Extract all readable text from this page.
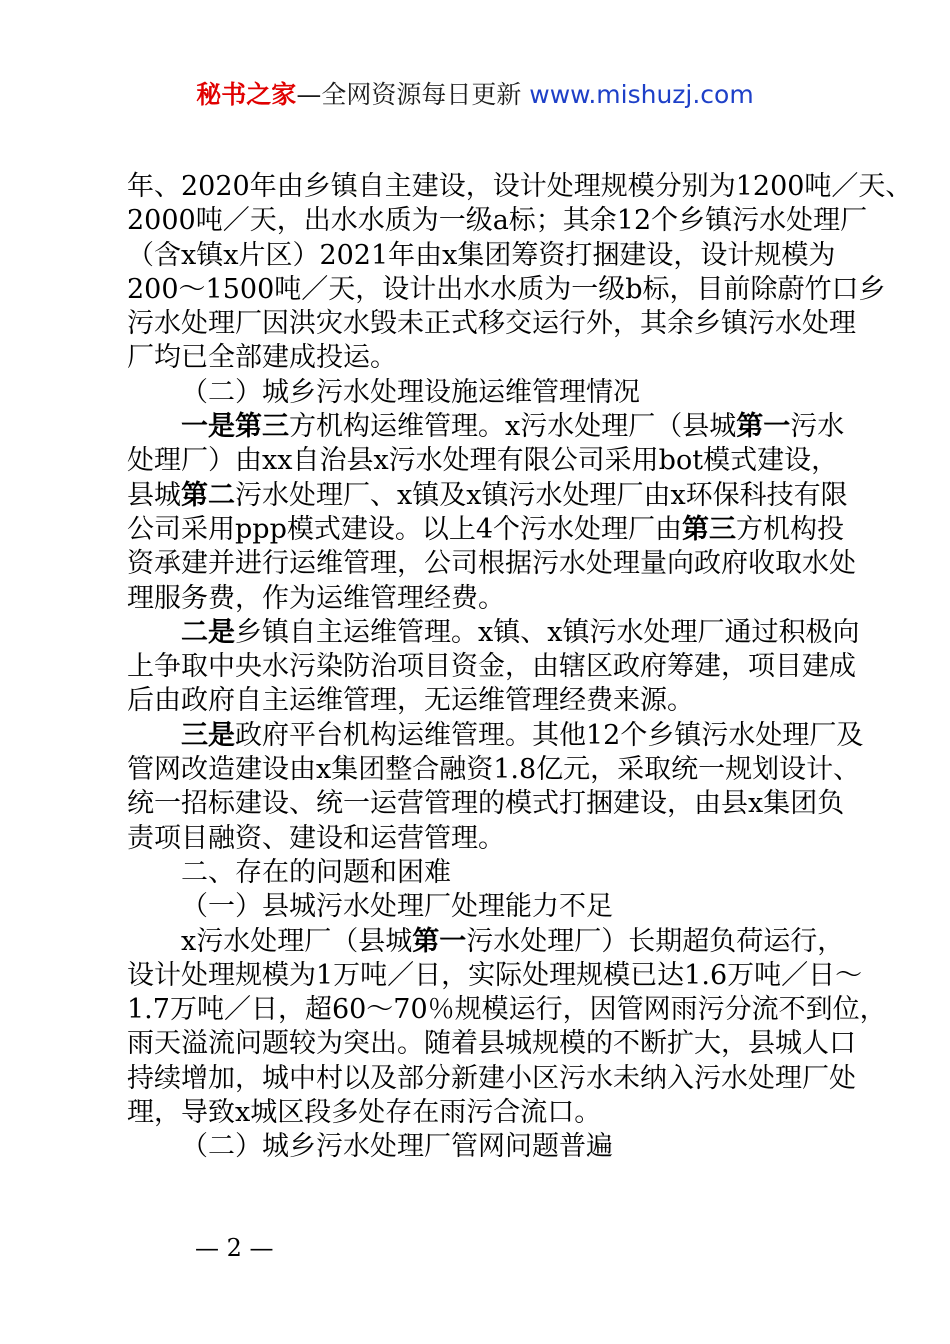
秘书之家—全网资源每日更新 www.mishuzj.com
年、2020年由乡镇自主建设，设计处理规模分别为1200吨／天、
2000吨／天，出水水质为一级a标；其余12个乡镇污水处理厂
（含x镇x片区）2021年由x集团筹资打捆建设，设计规模为
200～1500吨／天，设计出水水质为一级b标，目前除蔚竹口乡
污水处理厂因洪灾水毁未正式移交运行外，其余乡镇污水处理
厂均已全部建成投运。
（二）城乡污水处理设施运维管理情况
一是第三方机构运维管理。x污水处理厂（县城第一污水
处理厂）由xx自治县x污水处理有限公司采用bot模式建设，
县城第二污水处理厂、x镇及x镇污水处理厂由x环保科技有限
公司采用ppp模式建设。以上4个污水处理厂由第三方机构投
资承建并进行运维管理，公司根据污水处理量向政府收取水处
理服务费，作为运维管理经费。
二是乡镇自主运维管理。x镇、x镇污水处理厂通过积极向
上争取中央水污染防治项目资金，由辖区政府筹建，项目建成
后由政府自主运维管理，无运维管理经费来源。
三是政府平台机构运维管理。其他12个乡镇污水处理厂及
管网改造建设由x集团整合融资1.8亿元，采取统一规划设计、
统一招标建设、统一运营管理的模式打捆建设，由县x集团负
责项目融资、建设和运营管理。
二、存在的问题和困难
（一）县城污水处理厂处理能力不足
x污水处理厂（县城第一污水处理厂）长期超负荷运行，
设计处理规模为1万吨／日，实际处理规模已达1.6万吨／日～
1.7万吨／日，超60～70％规模运行，因管网雨污分流不到位，
雨天溢流问题较为突出。随着县城规模的不断扩大，县城人口
持续增加，城中村以及部分新建小区污水未纳入污水处理厂处
理，导致x城区段多处存在雨污合流口。
（二）城乡污水处理厂管网问题普遍
— 2 —
